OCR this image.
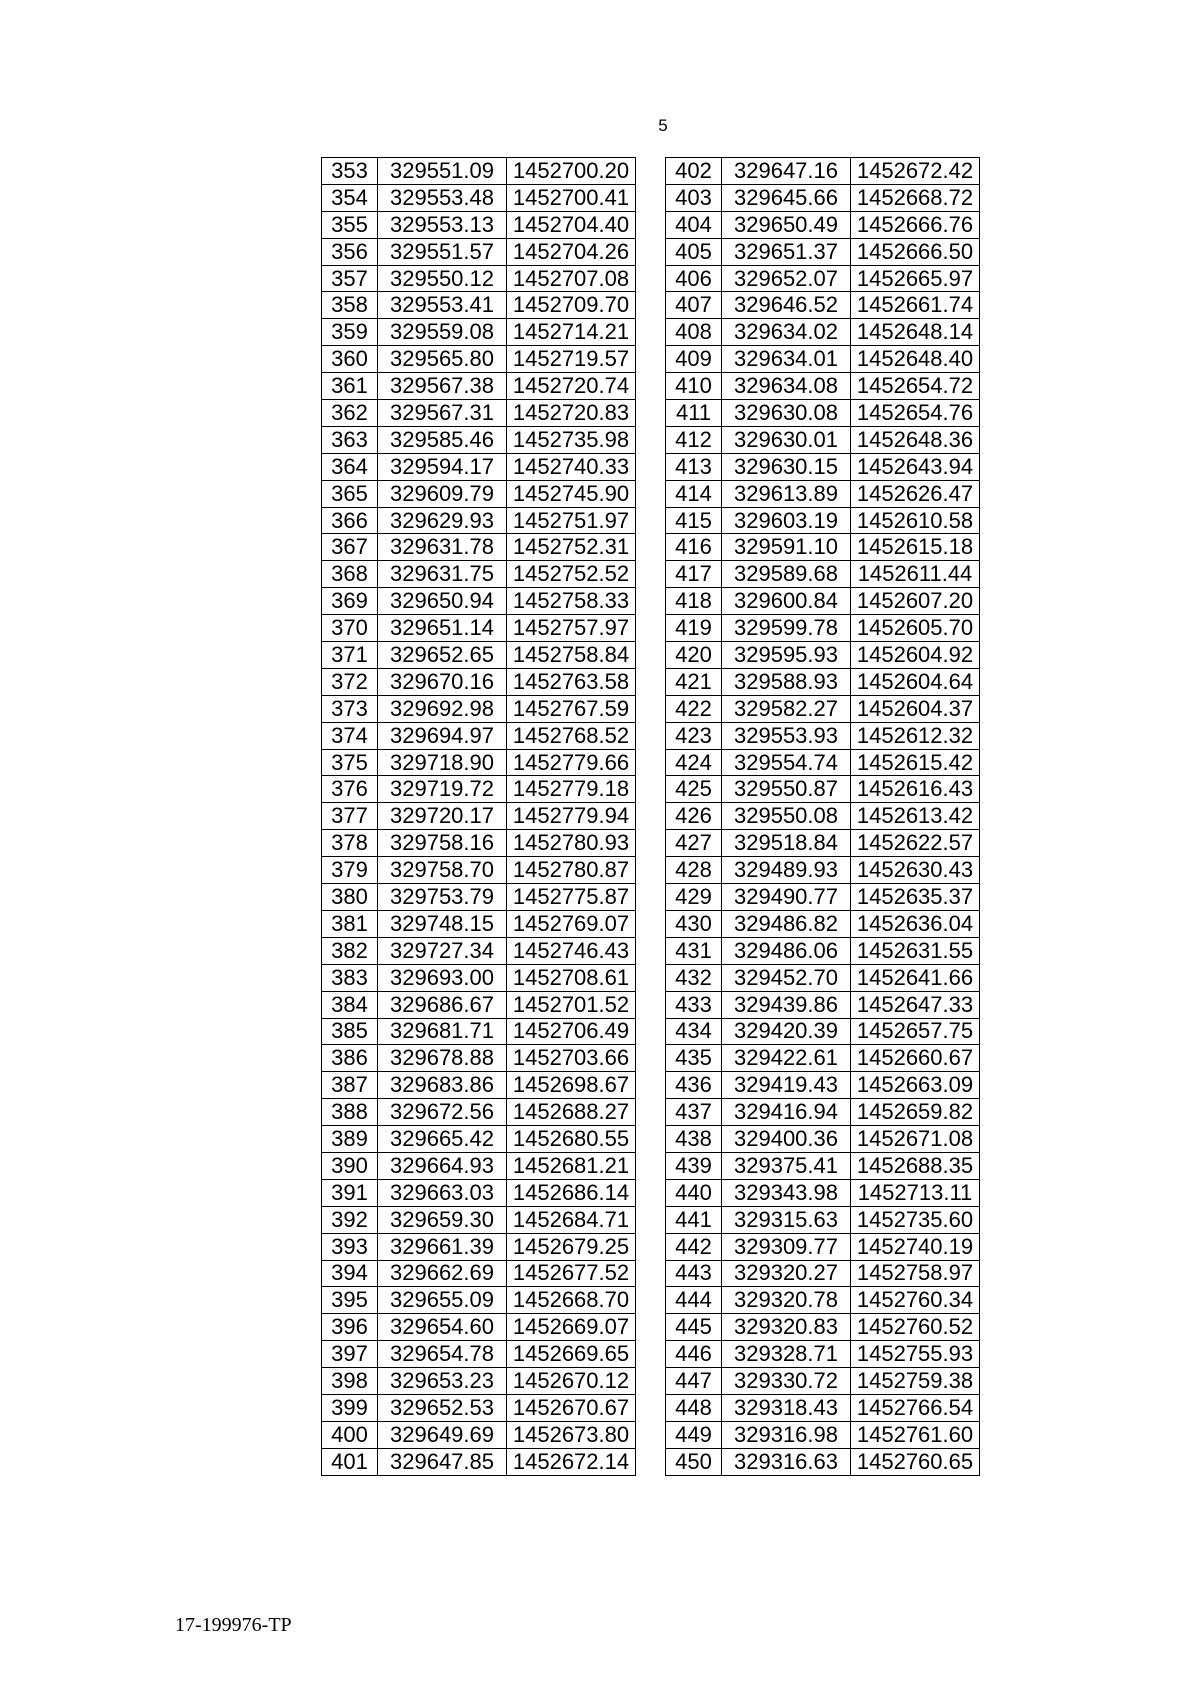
5
353	329551.09	1452700.20
354	329553.48	1452700.41
355	329553.13	1452704.40
356	329551.57	1452704.26
357	329550.12	1452707.08
358	329553.41	1452709.70
359	329559.08	1452714.21
360	329565.80	1452719.57
361	329567.38	1452720.74
362	329567.31	1452720.83
363	329585.46	1452735.98
364	329594.17	1452740.33
365	329609.79	1452745.90
366	329629.93	1452751.97
367	329631.78	1452752.31
368	329631.75	1452752.52
369	329650.94	1452758.33
370	329651.14	1452757.97
371	329652.65	1452758.84
372	329670.16	1452763.58
373	329692.98	1452767.59
374	329694.97	1452768.52
375	329718.90	1452779.66
376	329719.72	1452779.18
377	329720.17	1452779.94
378	329758.16	1452780.93
379	329758.70	1452780.87
380	329753.79	1452775.87
381	329748.15	1452769.07
382	329727.34	1452746.43
383	329693.00	1452708.61
384	329686.67	1452701.52
385	329681.71	1452706.49
386	329678.88	1452703.66
387	329683.86	1452698.67
388	329672.56	1452688.27
389	329665.42	1452680.55
390	329664.93	1452681.21
391	329663.03	1452686.14
392	329659.30	1452684.71
393	329661.39	1452679.25
394	329662.69	1452677.52
395	329655.09	1452668.70
396	329654.60	1452669.07
397	329654.78	1452669.65
398	329653.23	1452670.12
399	329652.53	1452670.67
400	329649.69	1452673.80
401	329647.85	1452672.14
402	329647.16	1452672.42
403	329645.66	1452668.72
404	329650.49	1452666.76
405	329651.37	1452666.50
406	329652.07	1452665.97
407	329646.52	1452661.74
408	329634.02	1452648.14
409	329634.01	1452648.40
410	329634.08	1452654.72
411	329630.08	1452654.76
412	329630.01	1452648.36
413	329630.15	1452643.94
414	329613.89	1452626.47
415	329603.19	1452610.58
416	329591.10	1452615.18
417	329589.68	1452611.44
418	329600.84	1452607.20
419	329599.78	1452605.70
420	329595.93	1452604.92
421	329588.93	1452604.64
422	329582.27	1452604.37
423	329553.93	1452612.32
424	329554.74	1452615.42
425	329550.87	1452616.43
426	329550.08	1452613.42
427	329518.84	1452622.57
428	329489.93	1452630.43
429	329490.77	1452635.37
430	329486.82	1452636.04
431	329486.06	1452631.55
432	329452.70	1452641.66
433	329439.86	1452647.33
434	329420.39	1452657.75
435	329422.61	1452660.67
436	329419.43	1452663.09
437	329416.94	1452659.82
438	329400.36	1452671.08
439	329375.41	1452688.35
440	329343.98	1452713.11
441	329315.63	1452735.60
442	329309.77	1452740.19
443	329320.27	1452758.97
444	329320.78	1452760.34
445	329320.83	1452760.52
446	329328.71	1452755.93
447	329330.72	1452759.38
448	329318.43	1452766.54
449	329316.98	1452761.60
450	329316.63	1452760.65
17-199976-TP
